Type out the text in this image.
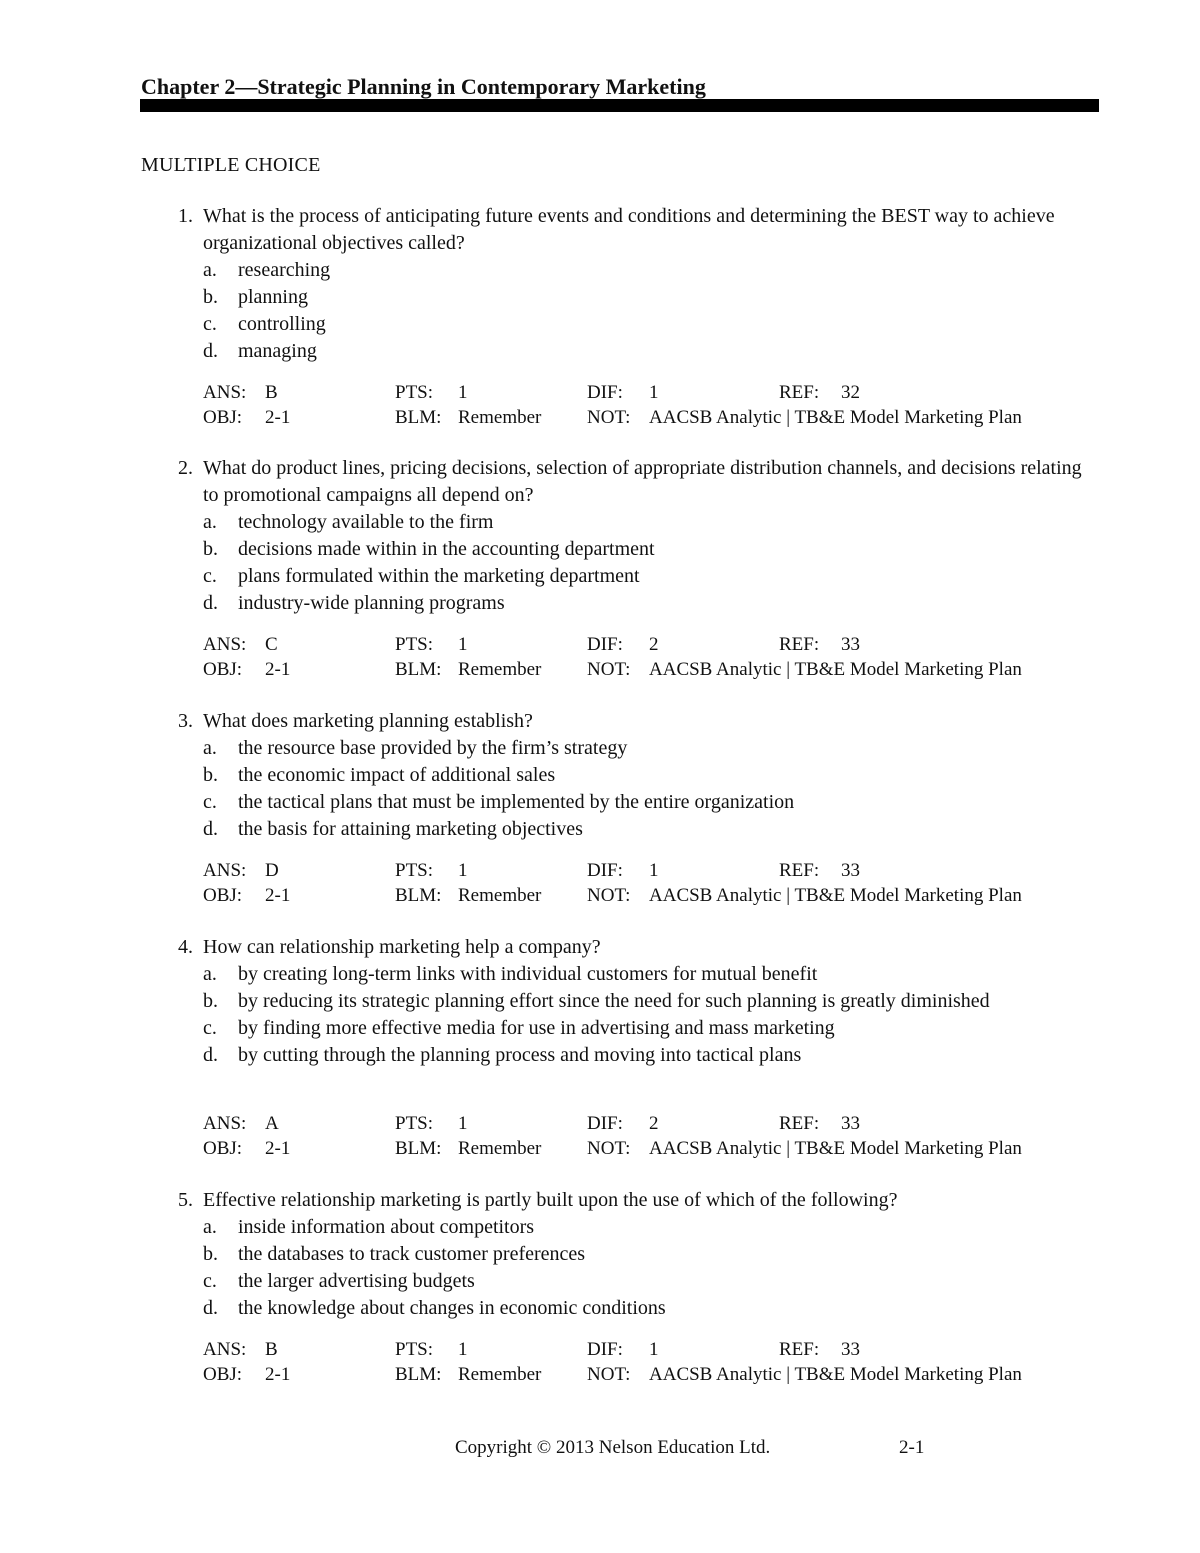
Chapter 2—Strategic Planning in Contemporary Marketing
MULTIPLE CHOICE
1. What is the process of anticipating future events and conditions and determining the BEST way to achieve organizational objectives called?

a. researching
b. planning
c. controlling
d. managing
ANS: B	PTS: 1	DIF: 1	REF: 32
OBJ: 2-1	BLM: Remember NOT: AACSB Analytic | TB&E Model Marketing Plan
2. What do product lines, pricing decisions, selection of appropriate distribution channels, and decisions relating to promotional campaigns all depend on?

a. technology available to the firm
b. decisions made within in the accounting department
c. plans formulated within the marketing department
d. industry-wide planning programs
ANS: C	PTS: 1	DIF: 2	REF: 33
OBJ: 2-1	BLM: Remember NOT: AACSB Analytic | TB&E Model Marketing Plan
3. What does marketing planning establish?

a. the resource base provided by the firm’s strategy
b. the economic impact of additional sales
c. the tactical plans that must be implemented by the entire organization
d. the basis for attaining marketing objectives
ANS: D	PTS: 1	DIF: 1	REF: 33
OBJ: 2-1	BLM: Remember NOT: AACSB Analytic | TB&E Model Marketing Plan
4. How can relationship marketing help a company?

a. by creating long-term links with individual customers for mutual benefit
b. by reducing its strategic planning effort since the need for such planning is greatly diminished
c. by finding more effective media for use in advertising and mass marketing
d. by cutting through the planning process and moving into tactical plans
ANS: A	PTS: 1	DIF: 2	REF: 33
OBJ: 2-1	BLM: Remember NOT: AACSB Analytic | TB&E Model Marketing Plan
5. Effective relationship marketing is partly built upon the use of which of the following?

a. inside information about competitors
b. the databases to track customer preferences
c. the larger advertising budgets
d. the knowledge about changes in economic conditions
ANS: B	PTS: 1	DIF: 1	REF: 33
OBJ: 2-1	BLM: Remember NOT: AACSB Analytic | TB&E Model Marketing Plan
Copyright © 2013 Nelson Education Ltd.	2-1
